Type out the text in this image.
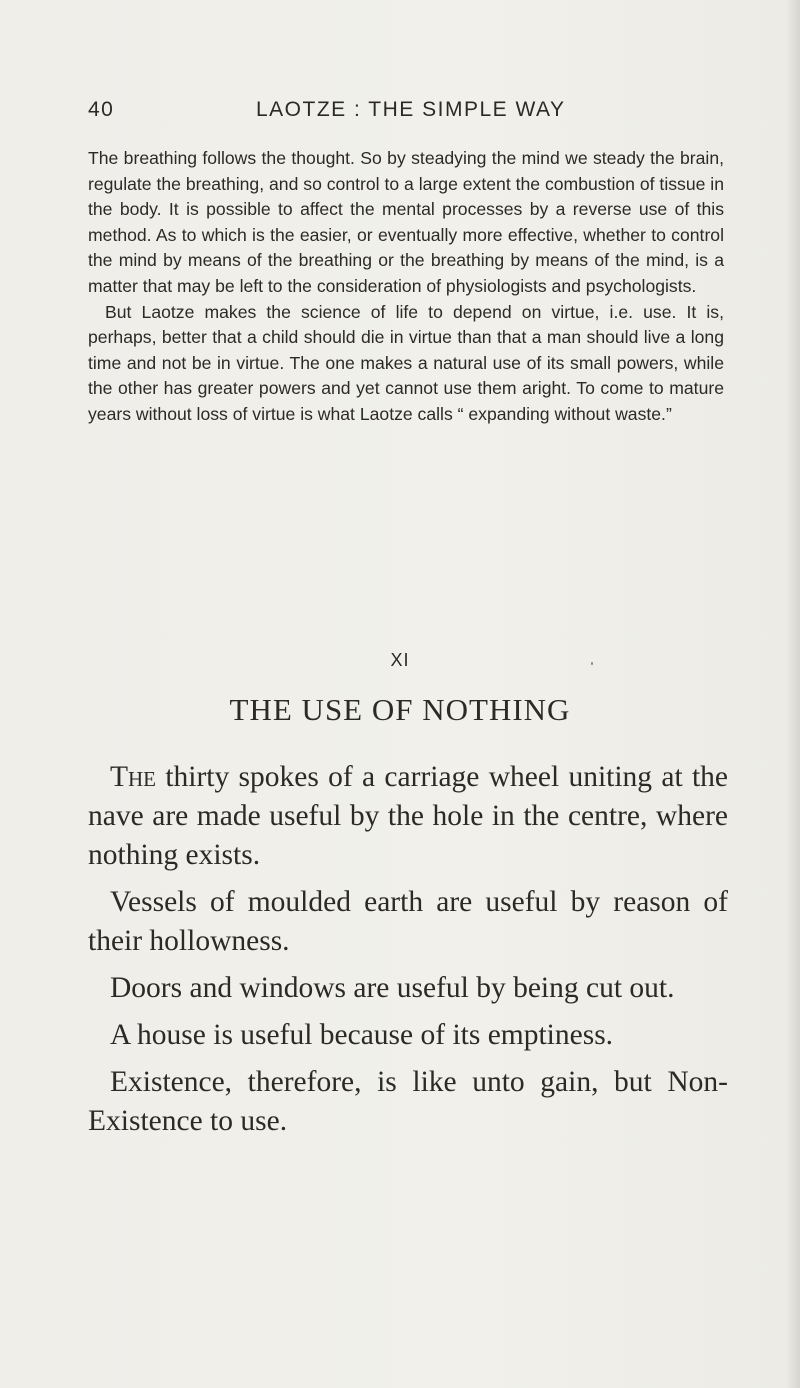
40	LAOTZE : THE SIMPLE WAY

The breathing follows the thought. So by steadying the mind we steady the brain, regulate the breathing, and so control to a large extent the combustion of tissue in the body. It is possible to affect the mental processes by a reverse use of this method. As to which is the easier, or eventually more effective, whether to control the mind by means of the breathing or the breathing by means of the mind, is a matter that may be left to the consideration of physiologists and psychologists.

But Laotze makes the science of life to depend on virtue, i.e. use. It is, perhaps, better that a child should die in virtue than that a man should live a long time and not be in virtue. The one makes a natural use of its small powers, while the other has greater powers and yet cannot use them aright. To come to mature years without loss of virtue is what Laotze calls “ expanding without waste.”

XI
THE USE OF NOTHING

The thirty spokes of a carriage wheel uniting at the nave are made useful by the hole in the centre, where nothing exists.

Vessels of moulded earth are useful by reason of their hollowness.

Doors and windows are useful by being cut out.

A house is useful because of its emptiness.

Existence, therefore, is like unto gain, but Non-Existence to use.
